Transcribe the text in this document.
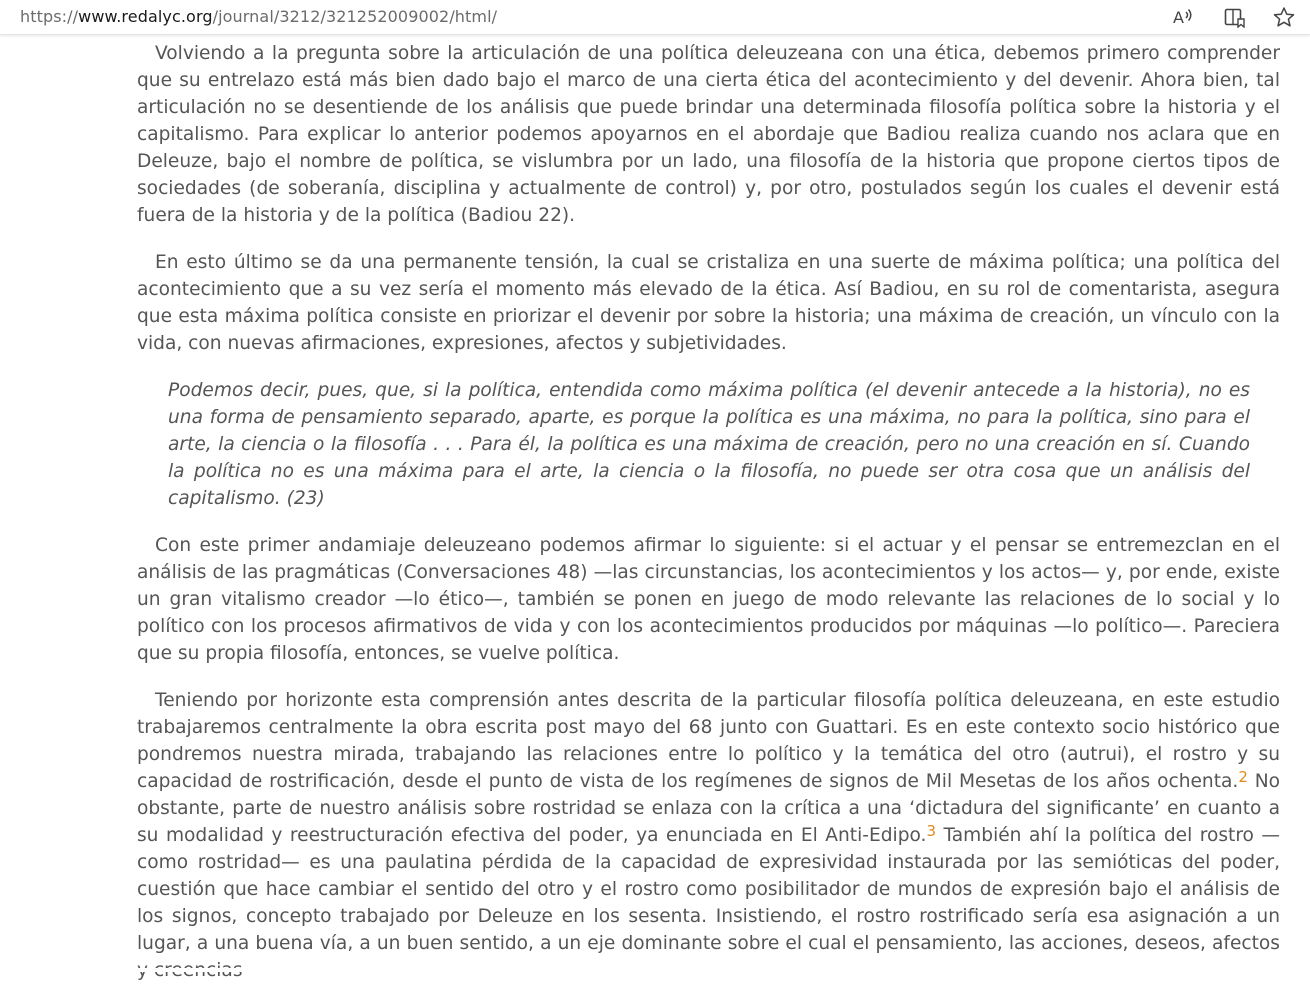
https://www.redalyc.org/journal/3212/321252009002/html/	A

Volviendo a la pregunta sobre la articulación de una política deleuzeana con una ética, debemos primero comprender que su entrelazo está más bien dado bajo el marco de una cierta ética del acontecimiento y del devenir. Ahora bien, tal articulación no se desentiende de los análisis que puede brindar una determinada filosofía política sobre la historia y el capitalismo. Para explicar lo anterior podemos apoyarnos en el abordaje que Badiou realiza cuando nos aclara que en Deleuze, bajo el nombre de política, se vislumbra por un lado, una filosofía de la historia que propone ciertos tipos de sociedades (de soberanía, disciplina y actualmente de control) y, por otro, postulados según los cuales el devenir está fuera de la historia y de la política (Badiou 22).

En esto último se da una permanente tensión, la cual se cristaliza en una suerte de máxima política; una política del acontecimiento que a su vez sería el momento más elevado de la ética. Así Badiou, en su rol de comentarista, asegura que esta máxima política consiste en priorizar el devenir por sobre la historia; una máxima de creación, un vínculo con la vida, con nuevas afirmaciones, expresiones, afectos y subjetividades.

Podemos decir, pues, que, si la política, entendida como máxima política (el devenir antecede a la historia), no es una forma de pensamiento separado, aparte, es porque la política es una máxima, no para la política, sino para el arte, la ciencia o la filosofía . . . Para él, la política es una máxima de creación, pero no una creación en sí. Cuando la política no es una máxima para el arte, la ciencia o la filosofía, no puede ser otra cosa que un análisis del capitalismo. (23)

Con este primer andamiaje deleuzeano podemos afirmar lo siguiente: si el actuar y el pensar se entremezclan en el análisis de las pragmáticas (Conversaciones 48) —las circunstancias, los acontecimientos y los actos— y, por ende, existe un gran vitalismo creador —lo ético—, también se ponen en juego de modo relevante las relaciones de lo social y lo político con los procesos afirmativos de vida y con los acontecimientos producidos por máquinas —lo político—. Pareciera que su propia filosofía, entonces, se vuelve política.

Teniendo por horizonte esta comprensión antes descrita de la particular filosofía política deleuzeana, en este estudio trabajaremos centralmente la obra escrita post mayo del 68 junto con Guattari. Es en este contexto socio histórico que pondremos nuestra mirada, trabajando las relaciones entre lo político y la temática del otro (autrui), el rostro y su capacidad de rostrificación, desde el punto de vista de los regímenes de signos de Mil Mesetas de los años ochenta.$^2$ No obstante, parte de nuestro análisis sobre rostridad se enlaza con la crítica a una ‘dictadura del significante’ en cuanto a su modalidad y reestructuración efectiva del poder, ya enunciada en El Anti-Edipo.$^3$ También ahí la política del rostro —como rostridad— es una paulatina pérdida de la capacidad de expresividad instaurada por las semióticas del poder, cuestión que hace cambiar el sentido del otro y el rostro como posibilitador de mundos de expresión bajo el análisis de los signos, concepto trabajado por Deleuze en los sesenta. Insistiendo, el rostro rostrificado sería esa asignación a un lugar, a una buena vía, a un buen sentido, a un eje dominante sobre el cual el pensamiento, las acciones, deseos, afectos
